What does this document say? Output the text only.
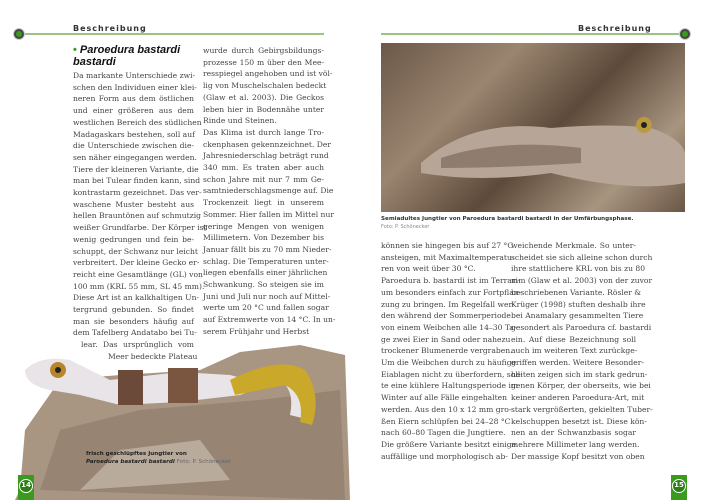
Beschreibung	Beschreibung
• Paroedura bastardi
bastardi
frisch geschlüpftes Jungtier von
Paroedura bastardi bastardi Foto: P. Schönecker
Da markante Unterschiede zwi-
schen den Individuen einer klei-
neren Form aus dem östlichen
und einer größeren aus dem
westlichen Bereich des südlichen
Madagaskars bestehen, soll auf
die Unterschiede zwischen die-
sen näher eingegangen werden.
Tiere der kleineren Variante, die
man bei Tulear finden kann, sind
kontrastarm gezeichnet. Das ver-
waschene Muster besteht aus
hellen Brauntönen auf schmutzig
weißer Grundfarbe. Der Körper ist
wenig gedrungen und fein be-
schuppt, der Schwanz nur leicht
verbreitert. Der kleine Gecko er-
reicht eine Gesamtlänge (GL) von
100 mm (KRL 55 mm, SL 45 mm).
Diese Art ist an kalkhaltigen Un-
tergrund gebunden. So findet
man sie besonders häufig auf
dem Tafelberg Andatabo bei Tu-
lear. Das ursprünglich vom
Meer bedeckte Plateau
wurde durch Gebirgsbildungs-
prozesse 150 m über den Mee-
resspiegel angehoben und ist völ-
lig von Muschelschalen bedeckt
(Glaw et al. 2003). Die Geckos
leben hier in Bodennähe unter
Rinde und Steinen.
Das Klima ist durch lange Tro-
ckenphasen gekennzeichnet. Der
Jahresniederschlag beträgt rund
340 mm. Es traten aber auch
schon Jahre mit nur 7 mm Ge-
samtniederschlagsmenge auf. Die
Trockenzeit liegt in unserem
Sommer. Hier fallen im Mittel nur
geringe Mengen von wenigen
Millimetern. Von Dezember bis
Januar fällt bis zu 70 mm Nieder-
schlag. Die Temperaturen unter-
liegen ebenfalls einer jährlichen
Schwankung. So steigen sie im
Juni und Juli nur noch auf Mittel-
werte um 20 °C und fallen sogar
auf Extremwerte von 14 °C. In un-
serem Frühjahr und Herbst
Semiadultes Jungtier von Paroedura bastardi bastardi in der Umfärbungsphase.
Foto: P. Schönecker
können sie hingegen bis auf 27 °C
ansteigen, mit Maximaltemperatu-
ren von weit über 30 °C.
Paroedura b. bastardi ist im Terrari-
um besonders einfach zur Fortpflan-
zung zu bringen. Im Regelfall wer-
den während der Sommerperiode
von einem Weibchen alle 14–30 Ta-
ge zwei Eier in Sand oder nahezu
trockener Blumenerde vergraben.
Um die Weibchen durch zu häufige
Eiablagen nicht zu überfordern, soll-
te eine kühlere Haltungsperiode im
Winter auf alle Fälle eingehalten
werden. Aus den 10 x 12 mm gro-
ßen Eiern schlüpfen bei 24–28 °C
nach 60–80 Tagen die Jungtiere.
Die größere Variante besitzt einige
auffällige und morphologisch ab-
weichende Merkmale. So unter-
scheidet sie sich alleine schon durch
ihre stattlichere KRL von bis zu 80
mm (Glaw et al. 2003) von der zuvor
beschriebenen Variante. Rösler &
Krüger (1998) stuften deshalb ihre
bei Anamalary gesammelten Tiere
gesondert als Paroedura cf. bastardi
ein. Auf diese Bezeichnung soll
auch im weiteren Text zurückge-
griffen werden. Weitere Besonder-
heiten zeigen sich im stark gedrun-
genen Körper, der oberseits, wie bei
keiner anderen Paroedura-Art, mit
stark vergrößerten, gekielten Tuber-
kelschuppen besetzt ist. Diese kön-
nen an der Schwanzbasis sogar
mehrere Millimeter lang werden.
Der massige Kopf besitzt von oben
14	15
